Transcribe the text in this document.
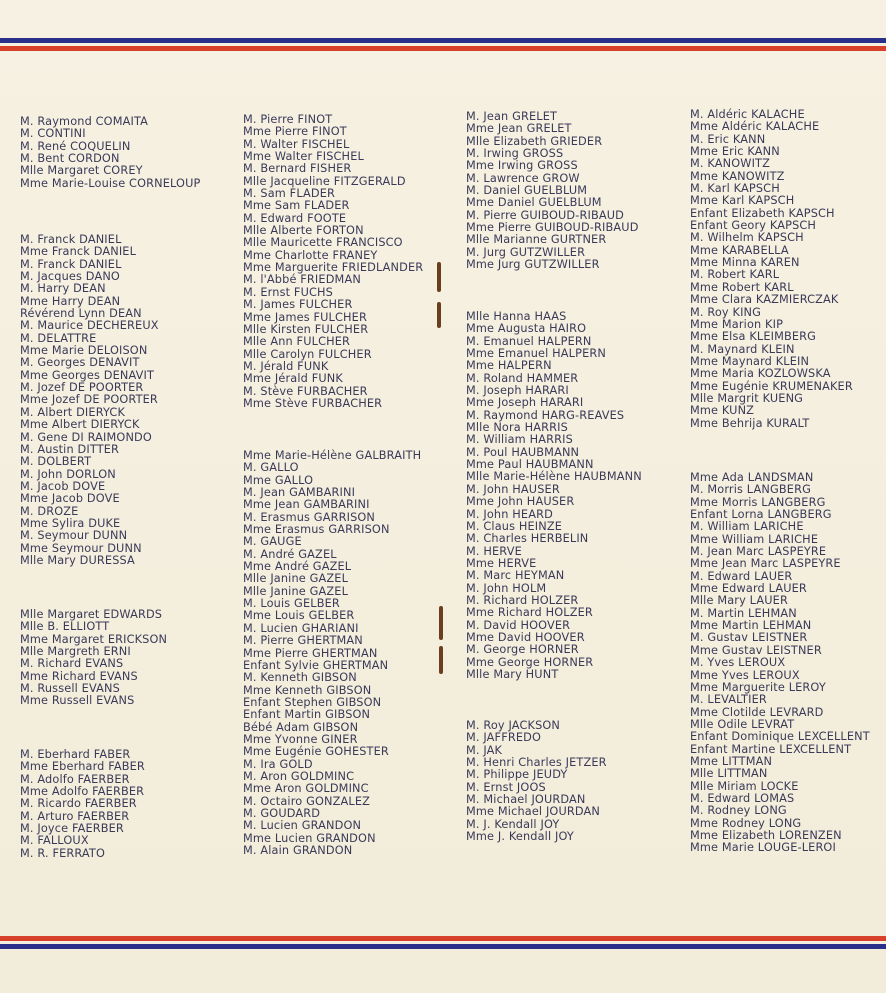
M. Raymond COMAITA
M. CONTINI
M. René COQUELIN
M. Bent CORDON
Mlle Margaret COREY
Mme Marie-Louise CORNELOUP
M. Franck DANIEL
Mme Franck DANIEL
M. Franck DANIEL
M. Jacques DANO
M. Harry DEAN
Mme Harry DEAN
Révérend Lynn DEAN
M. Maurice DECHEREUX
M. DELATTRE
Mme Marie DELOISON
M. Georges DENAVIT
Mme Georges DENAVIT
M. Jozef DE POORTER
Mme Jozef DE POORTER
M. Albert DIERYCK
Mme Albert DIERYCK
M. Gene DI RAIMONDO
M. Austin DITTER
M. DOLBERT
M. John DORLON
M. Jacob DOVE
Mme Jacob DOVE
M. DROZE
Mme Sylira DUKE
M. Seymour DUNN
Mme Seymour DUNN
Mlle Mary DURESSA
Mlle Margaret EDWARDS
Mlle B. ELLIOTT
Mme Margaret ERICKSON
Mlle Margreth ERNI
M. Richard EVANS
Mme Richard EVANS
M. Russell EVANS
Mme Russell EVANS
M. Eberhard FABER
Mme Eberhard FABER
M. Adolfo FAERBER
Mme Adolfo FAERBER
M. Ricardo FAERBER
M. Arturo FAERBER
M. Joyce FAERBER
M. FALLOUX
M. R. FERRATO
M. Pierre FINOT
Mme Pierre FINOT
M. Walter FISCHEL
Mme Walter FISCHEL
M. Bernard FISHER
Mlle Jacqueline FITZGERALD
M. Sam FLADER
Mme Sam FLADER
M. Edward FOOTE
Mlle Alberte FORTON
Mlle Mauricette FRANCISCO
Mme Charlotte FRANEY
Mme Marguerite FRIEDLANDER
M. l'Abbé FRIEDMAN
M. Ernst FUCHS
M. James FULCHER
Mme James FULCHER
Mlle Kirsten FULCHER
Mlle Ann FULCHER
Mlle Carolyn FULCHER
M. Jérald FUNK
Mme Jérald FUNK
M. Stève FURBACHER
Mme Stève FURBACHER
Mme Marie-Hélène GALBRAITH
M. GALLO
Mme GALLO
M. Jean GAMBARINI
Mme Jean GAMBARINI
M. Erasmus GARRISON
Mme Erasmus GARRISON
M. GAUGE
M. André GAZEL
Mme André GAZEL
Mlle Janine GAZEL
Mlle Janine GAZEL
M. Louis GELBER
Mme Louis GELBER
M. Lucien GHARIANI
M. Pierre GHERTMAN
Mme Pierre GHERTMAN
Enfant Sylvie GHERTMAN
M. Kenneth GIBSON
Mme Kenneth GIBSON
Enfant Stephen GIBSON
Enfant Martin GIBSON
Bébé Adam GIBSON
Mme Yvonne GINER
Mme Eugénie GOHESTER
M. Ira GOLD
M. Aron GOLDMINC
Mme Aron GOLDMINC
M. Octairo GONZALEZ
M. GOUDARD
M. Lucien GRANDON
Mme Lucien GRANDON
M. Alain GRANDON
M. Jean GRELET
Mme Jean GRELET
Mlle Elizabeth GRIEDER
M. Irwing GROSS
Mme Irwing GROSS
M. Lawrence GROW
M. Daniel GUELBLUM
Mme Daniel GUELBLUM
M. Pierre GUIBOUD-RIBAUD
Mme Pierre GUIBOUD-RIBAUD
Mlle Marianne GURTNER
M. Jurg GUTZWILLER
Mme Jurg GUTZWILLER
Mlle Hanna HAAS
Mme Augusta HAIRO
M. Emanuel HALPERN
Mme Emanuel HALPERN
Mme HALPERN
M. Roland HAMMER
M. Joseph HARARI
Mme Joseph HARARI
M. Raymond HARG-REAVES
Mlle Nora HARRIS
M. William HARRIS
M. Poul HAUBMANN
Mme Paul HAUBMANN
Mlle Marie-Hélène HAUBMANN
M. John HAUSER
Mme John HAUSER
M. John HEARD
M. Claus HEINZE
M. Charles HERBELIN
M. HERVE
Mme HERVE
M. Marc HEYMAN
M. John HOLM
M. Richard HOLZER
Mme Richard HOLZER
M. David HOOVER
Mme David HOOVER
M. George HORNER
Mme George HORNER
Mlle Mary HUNT
M. Roy JACKSON
M. JAFFREDO
M. JAK
M. Henri Charles JETZER
M. Philippe JEUDY
M. Ernst JOOS
M. Michael JOURDAN
Mme Michael JOURDAN
M. J. Kendall JOY
Mme J. Kendall JOY
M. Aldéric KALACHE
Mme Aldéric KALACHE
M. Eric KANN
Mme Eric KANN
M. KANOWITZ
Mme KANOWITZ
M. Karl KAPSCH
Mme Karl KAPSCH
Enfant Elizabeth KAPSCH
Enfant Geory KAPSCH
M. Wilhelm KAPSCH
Mme KARABELLA
Mme Minna KAREN
M. Robert KARL
Mme Robert KARL
Mme Clara KAZMIERCZAK
M. Roy KING
Mme Marion KIP
Mme Elsa KLEIMBERG
M. Maynard KLEIN
Mme Maynard KLEIN
Mme Maria KOZLOWSKA
Mme Eugénie KRUMENAKER
Mlle Margrit KUENG
Mme KUNZ
Mme Behrija KURALT
Mme Ada LANDSMAN
M. Morris LANGBERG
Mme Morris LANGBERG
Enfant Lorna LANGBERG
M. William LARICHE
Mme William LARICHE
M. Jean Marc LASPEYRE
Mme Jean Marc LASPEYRE
M. Edward LAUER
Mme Edward LAUER
Mlle Mary LAUER
M. Martin LEHMAN
Mme Martin LEHMAN
M. Gustav LEISTNER
Mme Gustav LEISTNER
M. Yves LEROUX
Mme Yves LEROUX
Mme Marguerite LEROY
M. LEVALTIER
Mme Clotilde LEVRARD
Mlle Odile LEVRAT
Enfant Dominique LEXCELLENT
Enfant Martine LEXCELLENT
Mme LITTMAN
Mlle LITTMAN
Mlle Miriam LOCKE
M. Edward LOMAS
M. Rodney LONG
Mme Rodney LONG
Mme Elizabeth LORENZEN
Mme Marie LOUGE-LEROI
